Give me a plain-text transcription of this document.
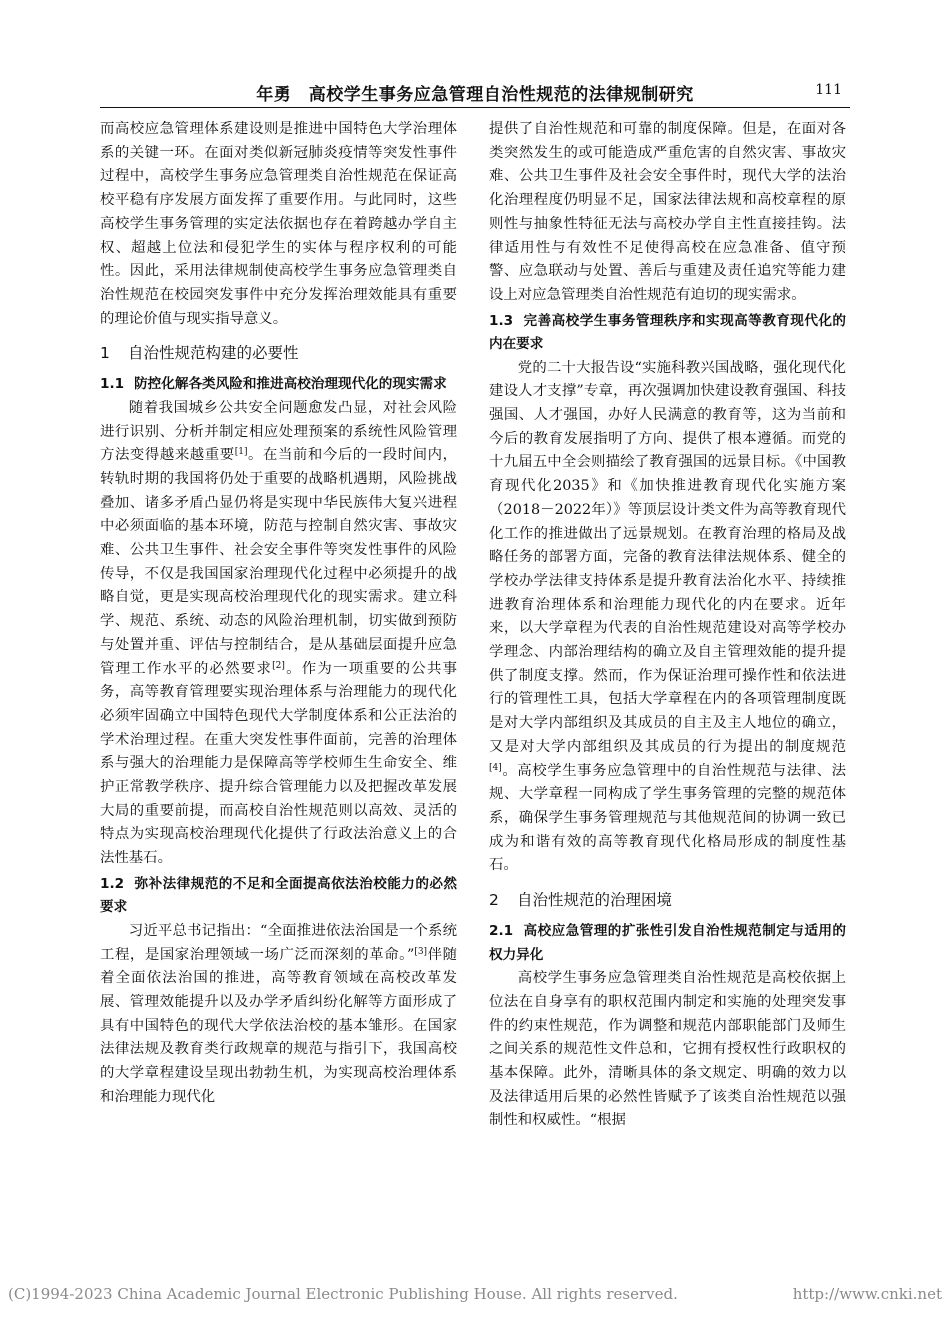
年勇　高校学生事务应急管理自治性规范的法律规制研究	111

而高校应急管理体系建设则是推进中国特色大学治理体系的关键一环。在面对类似新冠肺炎疫情等突发性事件过程中，高校学生事务应急管理类自治性规范在保证高校平稳有序发展方面发挥了重要作用。与此同时，这些高校学生事务管理的实定法依据也存在着跨越办学自主权、超越上位法和侵犯学生的实体与程序权利的可能性。因此，采用法律规制使高校学生事务应急管理类自治性规范在校园突发事件中充分发挥治理效能具有重要的理论价值与现实指导意义。

1 自治性规范构建的必要性
1.1 防控化解各类风险和推进高校治理现代化的现实需求

随着我国城乡公共安全问题愈发凸显，对社会风险进行识别、分析并制定相应处理预案的系统性风险管理方法变得越来越重要[1]。在当前和今后的一段时间内，转轨时期的我国将仍处于重要的战略机遇期，风险挑战叠加、诸多矛盾凸显仍将是实现中华民族伟大复兴进程中必须面临的基本环境，防范与控制自然灾害、事故灾难、公共卫生事件、社会安全事件等突发性事件的风险传导，不仅是我国国家治理现代化过程中必须提升的战略自觉，更是实现高校治理现代化的现实需求。建立科学、规范、系统、动态的风险治理机制，切实做到预防与处置并重、评估与控制结合，是从基础层面提升应急管理工作水平的必然要求[2]。作为一项重要的公共事务，高等教育管理要实现治理体系与治理能力的现代化必须牢固确立中国特色现代大学制度体系和公正法治的学术治理过程。在重大突发性事件面前，完善的治理体系与强大的治理能力是保障高等学校师生生命安全、维护正常教学秩序、提升综合管理能力以及把握改革发展大局的重要前提，而高校自治性规范则以高效、灵活的特点为实现高校治理现代化提供了行政法治意义上的合法性基石。

1.2 弥补法律规范的不足和全面提高依法治校能力的必然要求

习近平总书记指出：“全面推进依法治国是一个系统工程，是国家治理领域一场广泛而深刻的革命。”[3]伴随着全面依法治国的推进，高等教育领域在高校改革发展、管理效能提升以及办学矛盾纠纷化解等方面形成了具有中国特色的现代大学依法治校的基本雏形。在国家法律法规及教育类行政规章的规范与指引下，我国高校的大学章程建设呈现出勃勃生机，为实现高校治理体系和治理能力现代化

提供了自治性规范和可靠的制度保障。但是，在面对各类突然发生的或可能造成严重危害的自然灾害、事故灾难、公共卫生事件及社会安全事件时，现代大学的法治化治理程度仍明显不足，国家法律法规和高校章程的原则性与抽象性特征无法与高校办学自主性直接挂钩。法律适用性与有效性不足使得高校在应急准备、值守预警、应急联动与处置、善后与重建及责任追究等能力建设上对应急管理类自治性规范有迫切的现实需求。

1.3 完善高校学生事务管理秩序和实现高等教育现代化的内在要求

党的二十大报告设“实施科教兴国战略，强化现代化建设人才支撑”专章，再次强调加快建设教育强国、科技强国、人才强国，办好人民满意的教育等，这为当前和今后的教育发展指明了方向、提供了根本遵循。而党的十九届五中全会则描绘了教育强国的远景目标。《中国教育现代化2035》和《加快推进教育现代化实施方案（2018－2022年）》等顶层设计类文件为高等教育现代化工作的推进做出了远景规划。在教育治理的格局及战略任务的部署方面，完备的教育法律法规体系、健全的学校办学法律支持体系是提升教育法治化水平、持续推进教育治理体系和治理能力现代化的内在要求。近年来，以大学章程为代表的自治性规范建设对高等学校办学理念、内部治理结构的确立及自主管理效能的提升提供了制度支撑。然而，作为保证治理可操作性和依法进行的管理性工具，包括大学章程在内的各项管理制度既是对大学内部组织及其成员的自主及主人地位的确立，又是对大学内部组织及其成员的行为提出的制度规范[4]。高校学生事务应急管理中的自治性规范与法律、法规、大学章程一同构成了学生事务管理的完整的规范体系，确保学生事务管理规范与其他规范间的协调一致已成为和谐有效的高等教育现代化格局形成的制度性基石。

2 自治性规范的治理困境
2.1 高校应急管理的扩张性引发自治性规范制定与适用的权力异化

高校学生事务应急管理类自治性规范是高校依据上位法在自身享有的职权范围内制定和实施的处理突发事件的约束性规范，作为调整和规范内部职能部门及师生之间关系的规范性文件总和，它拥有授权性行政职权的基本保障。此外，清晰具体的条文规定、明确的效力以及法律适用后果的必然性皆赋予了该类自治性规范以强制性和权威性。“根据

(C)1994-2023 China Academic Journal Electronic Publishing House. All rights reserved.	http://www.cnki.net
